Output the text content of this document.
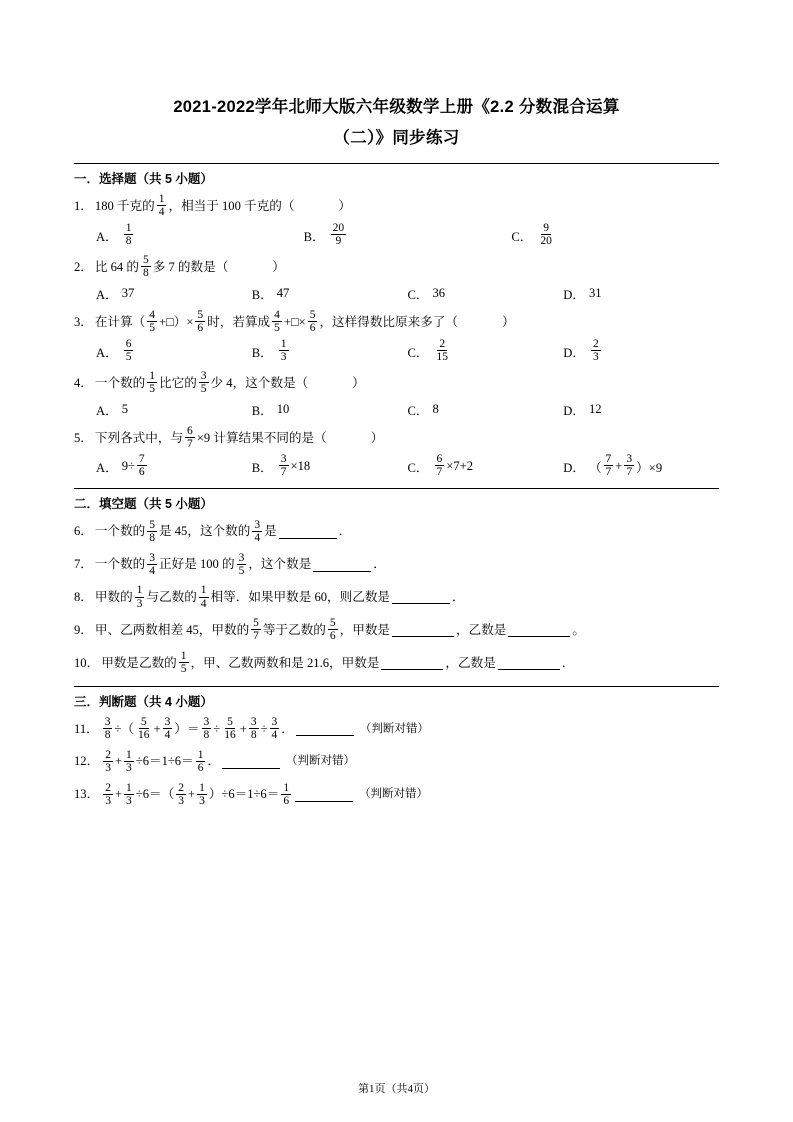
2021-2022学年北师大版六年级数学上册《2.2 分数混合运算
（二）》同步练习
一．选择题（共 5 小题）
1． 180 千克的 $\frac{1}{4}$ ，相当于 100 千克的（	）
A． $\frac{1}{8}$	B． $\frac{20}{9}$	C． $\frac{9}{20}$
2． 比 64 的 $\frac{5}{8}$ 多 7 的数是（	）
A． 37	B． 47	C． 36	D． 31
3． 在计算（ $\frac{4}{5}$ +□）× $\frac{5}{6}$ 时，若算成 $\frac{4}{5}$ +□× $\frac{5}{6}$ ，这样得数比原来多了（	）
A． $\frac{6}{5}$	B． $\frac{1}{3}$	C． $\frac{2}{15}$	D． $\frac{2}{3}$
4． 一个数的 $\frac{1}{5}$ 比它的 $\frac{3}{5}$ 少 4，这个数是（	）
A． 5	B． 10	C． 8	D． 12
5． 下列各式中，与 $\frac{6}{7} \times 9$ 计算结果不同的是（	）
A． $9\div \frac{7}{6}$	B． $\frac{3}{7} \times 18$	C． $\frac{6}{7} \times 7+2$	D． （ $\frac{7}{7} + \frac{3}{7} )\times 9$
二．填空题（共 5 小题）
6． 一个数的 $\frac{5}{8}$ 是 45，这个数的 $\frac{3}{4}$ 是	．
7． 一个数的 $\frac{3}{4}$ 正好是 100 的 $\frac{3}{5}$ ，这个数是	．
8． 甲数的 $\frac{1}{3}$ 与乙数的 $\frac{1}{4}$ 相等．如果甲数是 60，则乙数是	．
9． 甲、乙两数相差 45，甲数的 $\frac{5}{7}$ 等于乙数的 $\frac{5}{6}$ ，甲数是	，乙数是	。
10． 甲数是乙数的 $\frac{1}{5}$ ，甲、乙数两数和是 21.6，甲数是	，乙数是	．
三．判断题（共 4 小题）
11． $\frac{3}{8}$ ÷（ $\frac{5}{16} + \frac{3}{4}$ ）＝ $\frac{3}{8} \div \frac{5}{16} + \frac{3}{8} \div \frac{3}{4}$ ．	（判断对错）
12． $\frac{2}{3} + \frac{1}{3} \div 6=1\div 6= \frac{1}{6}$ ．	（判断对错）
13． $\frac{2}{3} + \frac{1}{3} \div 6=( \frac{2}{3} + \frac{1}{3} )\div 6=1\div 6= \frac{1}{6}$	（判断对错）
第1页（共4页）
